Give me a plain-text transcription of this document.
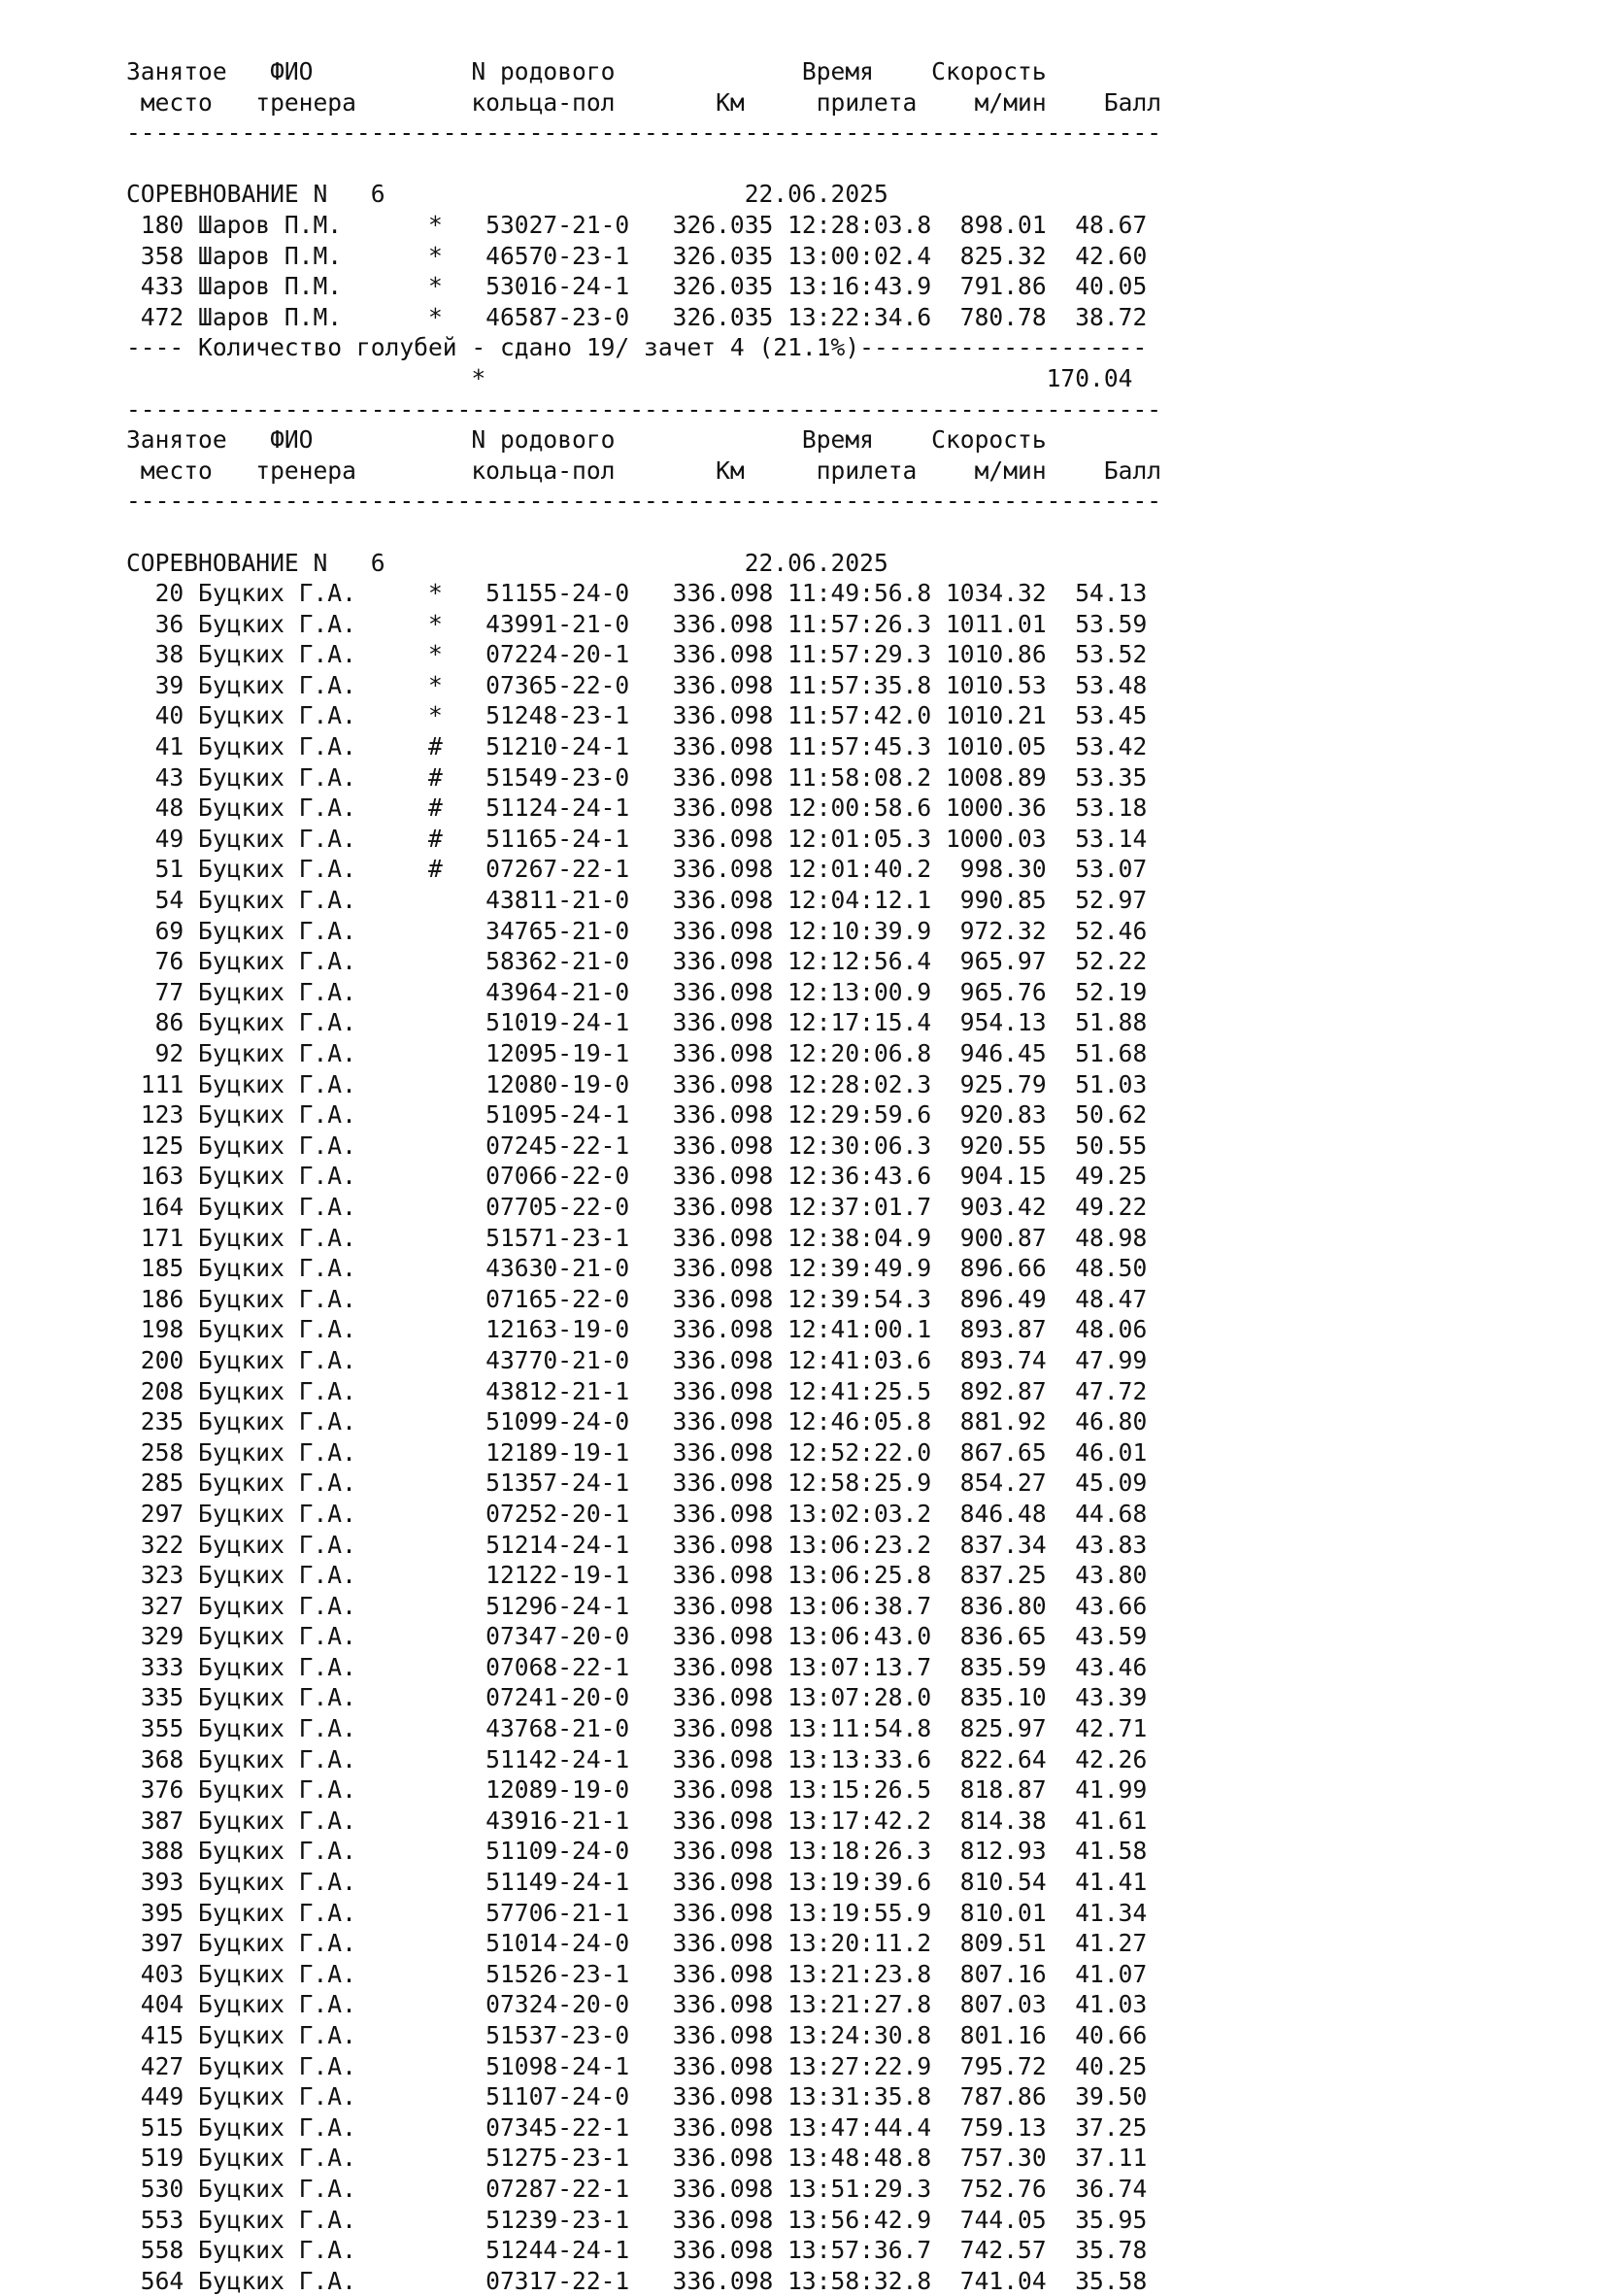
Занятое   ФИО           N родового             Время    Скорость
место   тренера        кольца-пол       Км     прилета    м/мин    Балл
------------------------------------------------------------------------

СОРЕВНОВАНИЕ N   6                         22.06.2025
180 Шаров П.М.      *   53027-21-0   326.035 12:28:03.8  898.01  48.67
358 Шаров П.М.      *   46570-23-1   326.035 13:00:02.4  825.32  42.60
433 Шаров П.М.      *   53016-24-1   326.035 13:16:43.9  791.86  40.05
472 Шаров П.М.      *   46587-23-0   326.035 13:22:34.6  780.78  38.72
---- Количество голубей - сдано 19/ зачет 4 (21.1%)--------------------
*                                       170.04
------------------------------------------------------------------------
Занятое   ФИО           N родового             Время    Скорость
место   тренера        кольца-пол       Км     прилета    м/мин    Балл
------------------------------------------------------------------------

СОРЕВНОВАНИЕ N   6                         22.06.2025
20 Буцких Г.А.     *   51155-24-0   336.098 11:49:56.8 1034.32  54.13
36 Буцких Г.А.     *   43991-21-0   336.098 11:57:26.3 1011.01  53.59
38 Буцких Г.А.     *   07224-20-1   336.098 11:57:29.3 1010.86  53.52
39 Буцких Г.А.     *   07365-22-0   336.098 11:57:35.8 1010.53  53.48
40 Буцких Г.А.     *   51248-23-1   336.098 11:57:42.0 1010.21  53.45
41 Буцких Г.А.     #   51210-24-1   336.098 11:57:45.3 1010.05  53.42
43 Буцких Г.А.     #   51549-23-0   336.098 11:58:08.2 1008.89  53.35
48 Буцких Г.А.     #   51124-24-1   336.098 12:00:58.6 1000.36  53.18
49 Буцких Г.А.     #   51165-24-1   336.098 12:01:05.3 1000.03  53.14
51 Буцких Г.А.     #   07267-22-1   336.098 12:01:40.2  998.30  53.07
54 Буцких Г.А.         43811-21-0   336.098 12:04:12.1  990.85  52.97
69 Буцких Г.А.         34765-21-0   336.098 12:10:39.9  972.32  52.46
76 Буцких Г.А.         58362-21-0   336.098 12:12:56.4  965.97  52.22
77 Буцких Г.А.         43964-21-0   336.098 12:13:00.9  965.76  52.19
86 Буцких Г.А.         51019-24-1   336.098 12:17:15.4  954.13  51.88
92 Буцких Г.А.         12095-19-1   336.098 12:20:06.8  946.45  51.68
111 Буцких Г.А.         12080-19-0   336.098 12:28:02.3  925.79  51.03
123 Буцких Г.А.         51095-24-1   336.098 12:29:59.6  920.83  50.62
125 Буцких Г.А.         07245-22-1   336.098 12:30:06.3  920.55  50.55
163 Буцких Г.А.         07066-22-0   336.098 12:36:43.6  904.15  49.25
164 Буцких Г.А.         07705-22-0   336.098 12:37:01.7  903.42  49.22
171 Буцких Г.А.         51571-23-1   336.098 12:38:04.9  900.87  48.98
185 Буцких Г.А.         43630-21-0   336.098 12:39:49.9  896.66  48.50
186 Буцких Г.А.         07165-22-0   336.098 12:39:54.3  896.49  48.47
198 Буцких Г.А.         12163-19-0   336.098 12:41:00.1  893.87  48.06
200 Буцких Г.А.         43770-21-0   336.098 12:41:03.6  893.74  47.99
208 Буцких Г.А.         43812-21-1   336.098 12:41:25.5  892.87  47.72
235 Буцких Г.А.         51099-24-0   336.098 12:46:05.8  881.92  46.80
258 Буцких Г.А.         12189-19-1   336.098 12:52:22.0  867.65  46.01
285 Буцких Г.А.         51357-24-1   336.098 12:58:25.9  854.27  45.09
297 Буцких Г.А.         07252-20-1   336.098 13:02:03.2  846.48  44.68
322 Буцких Г.А.         51214-24-1   336.098 13:06:23.2  837.34  43.83
323 Буцких Г.А.         12122-19-1   336.098 13:06:25.8  837.25  43.80
327 Буцких Г.А.         51296-24-1   336.098 13:06:38.7  836.80  43.66
329 Буцких Г.А.         07347-20-0   336.098 13:06:43.0  836.65  43.59
333 Буцких Г.А.         07068-22-1   336.098 13:07:13.7  835.59  43.46
335 Буцких Г.А.         07241-20-0   336.098 13:07:28.0  835.10  43.39
355 Буцких Г.А.         43768-21-0   336.098 13:11:54.8  825.97  42.71
368 Буцких Г.А.         51142-24-1   336.098 13:13:33.6  822.64  42.26
376 Буцких Г.А.         12089-19-0   336.098 13:15:26.5  818.87  41.99
387 Буцких Г.А.         43916-21-1   336.098 13:17:42.2  814.38  41.61
388 Буцких Г.А.         51109-24-0   336.098 13:18:26.3  812.93  41.58
393 Буцких Г.А.         51149-24-1   336.098 13:19:39.6  810.54  41.41
395 Буцких Г.А.         57706-21-1   336.098 13:19:55.9  810.01  41.34
397 Буцких Г.А.         51014-24-0   336.098 13:20:11.2  809.51  41.27
403 Буцких Г.А.         51526-23-1   336.098 13:21:23.8  807.16  41.07
404 Буцких Г.А.         07324-20-0   336.098 13:21:27.8  807.03  41.03
415 Буцких Г.А.         51537-23-0   336.098 13:24:30.8  801.16  40.66
427 Буцких Г.А.         51098-24-1   336.098 13:27:22.9  795.72  40.25
449 Буцких Г.А.         51107-24-0   336.098 13:31:35.8  787.86  39.50
515 Буцких Г.А.         07345-22-1   336.098 13:47:44.4  759.13  37.25
519 Буцких Г.А.         51275-23-1   336.098 13:48:48.8  757.30  37.11
530 Буцких Г.А.         07287-22-1   336.098 13:51:29.3  752.76  36.74
553 Буцких Г.А.         51239-23-1   336.098 13:56:42.9  744.05  35.95
558 Буцких Г.А.         51244-24-1   336.098 13:57:36.7  742.57  35.78
564 Буцких Г.А.         07317-22-1   336.098 13:58:32.8  741.04  35.58
